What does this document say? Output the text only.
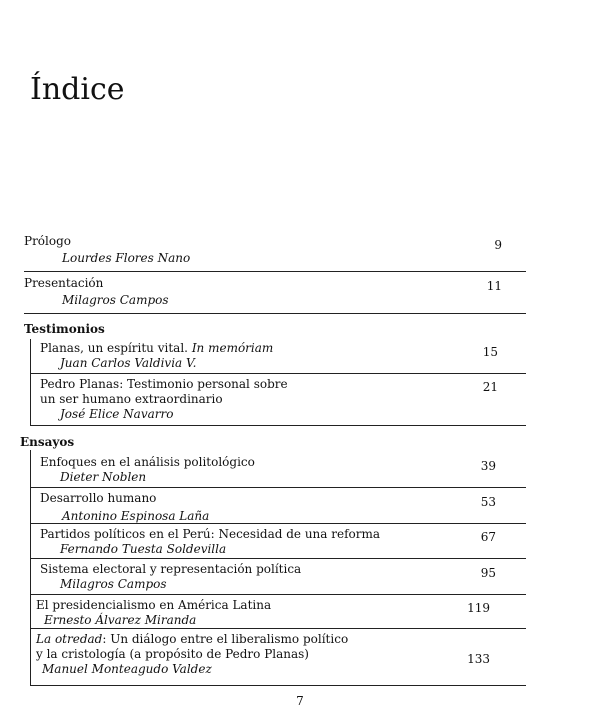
Índice
Prólogo
Lourdes Flores Nano
9
Presentación
Milagros Campos
11
Testimonios
Planas, un espíritu vital. In memóriam
Juan Carlos Valdivia V.
15
Pedro Planas: Testimonio personal sobre
un ser humano extraordinario
José Elice Navarro
21
Ensayos
Enfoques en el análisis politológico
Dieter Noblen
39
Desarrollo humano
Antonino Espinosa Laña
53
Partidos políticos en el Perú: Necesidad de una reforma
Fernando Tuesta Soldevilla
67
Sistema electoral y representación política
Milagros Campos
95
El presidencialismo en América Latina
Ernesto Álvarez Miranda
119
La otredad: Un diálogo entre el liberalismo político
y la cristología (a propósito de Pedro Planas)
Manuel Monteagudo Valdez
133
7
